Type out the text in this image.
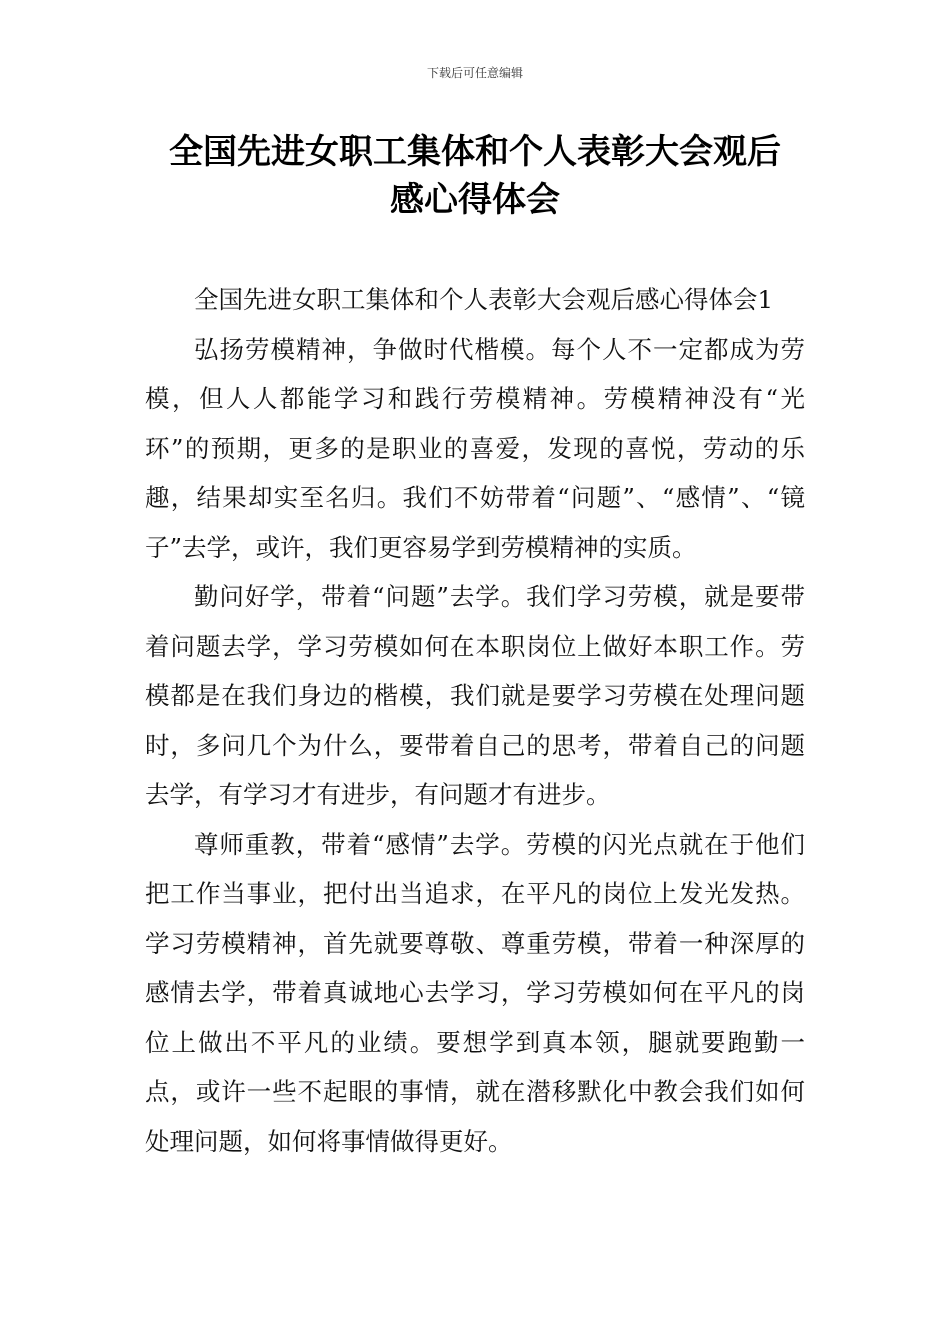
下载后可任意编辑
全国先进女职工集体和个人表彰大会观后
感心得体会

全国先进女职工集体和个人表彰大会观后感心得体会1

弘扬劳模精神，争做时代楷模。每个人不一定都成为劳模，但人人都能学习和践行劳模精神。劳模精神没有“光环”的预期，更多的是职业的喜爱，发现的喜悦，劳动的乐趣，结果却实至名归。我们不妨带着“问题”、“感情”、“镜子”去学，或许，我们更容易学到劳模精神的实质。

勤问好学，带着“问题”去学。我们学习劳模，就是要带着问题去学，学习劳模如何在本职岗位上做好本职工作。劳模都是在我们身边的楷模，我们就是要学习劳模在处理问题时，多问几个为什么，要带着自己的思考，带着自己的问题去学，有学习才有进步，有问题才有进步。

尊师重教，带着“感情”去学。劳模的闪光点就在于他们把工作当事业，把付出当追求，在平凡的岗位上发光发热。学习劳模精神，首先就要尊敬、尊重劳模，带着一种深厚的感情去学，带着真诚地心去学习，学习劳模如何在平凡的岗位上做出不平凡的业绩。要想学到真本领，腿就要跑勤一点，或许一些不起眼的事情，就在潜移默化中教会我们如何处理问题，如何将事情做得更好。
